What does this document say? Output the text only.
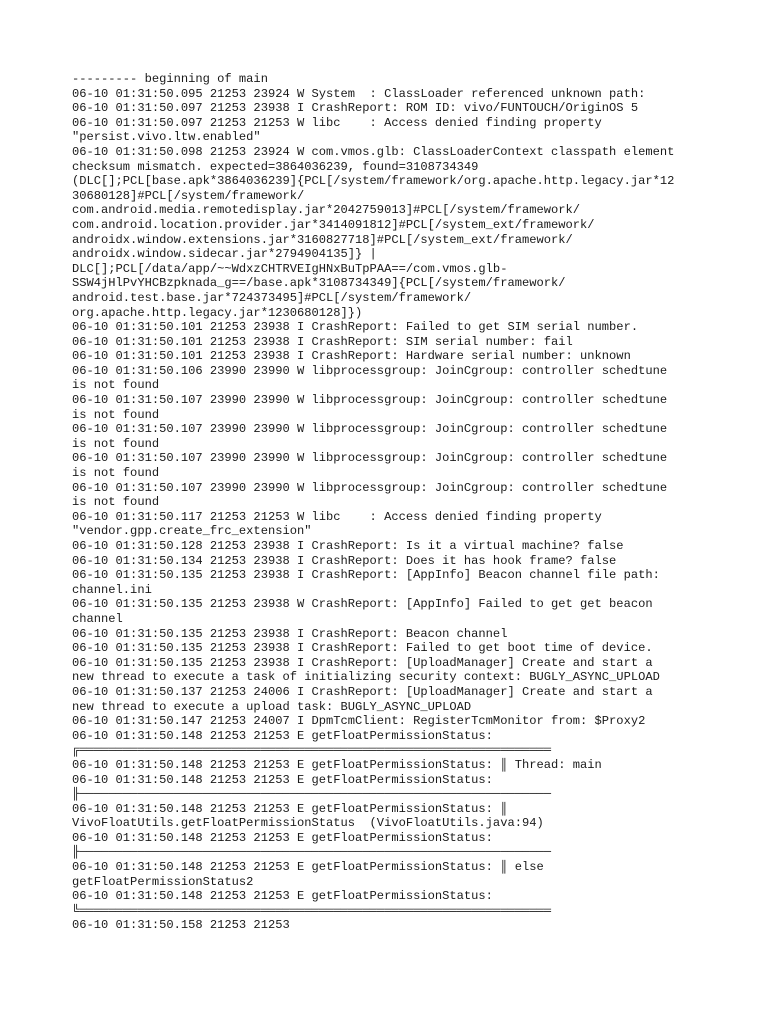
--------- beginning of main
06-10 01:31:50.095 21253 23924 W System  : ClassLoader referenced unknown path:
06-10 01:31:50.097 21253 23938 I CrashReport: ROM ID: vivo/FUNTOUCH/OriginOS 5
06-10 01:31:50.097 21253 21253 W libc    : Access denied finding property
"persist.vivo.ltw.enabled"
06-10 01:31:50.098 21253 23924 W com.vmos.glb: ClassLoaderContext classpath element
checksum mismatch. expected=3864036239, found=3108734349
(DLC[];PCL[base.apk*3864036239]{PCL[/system/framework/org.apache.http.legacy.jar*12
30680128]#PCL[/system/framework/
com.android.media.remotedisplay.jar*2042759013]#PCL[/system/framework/
com.android.location.provider.jar*3414091812]#PCL[/system_ext/framework/
androidx.window.extensions.jar*3160827718]#PCL[/system_ext/framework/
androidx.window.sidecar.jar*2794904135]} |
DLC[];PCL[/data/app/~~WdxzCHTRVEIgHNxBuTpPAA==/com.vmos.glb-
SSW4jHlPvYHCBzpknada_g==/base.apk*3108734349]{PCL[/system/framework/
android.test.base.jar*724373495]#PCL[/system/framework/
org.apache.http.legacy.jar*1230680128]})
06-10 01:31:50.101 21253 23938 I CrashReport: Failed to get SIM serial number.
06-10 01:31:50.101 21253 23938 I CrashReport: SIM serial number: fail
06-10 01:31:50.101 21253 23938 I CrashReport: Hardware serial number: unknown
06-10 01:31:50.106 23990 23990 W libprocessgroup: JoinCgroup: controller schedtune
is not found
06-10 01:31:50.107 23990 23990 W libprocessgroup: JoinCgroup: controller schedtune
is not found
06-10 01:31:50.107 23990 23990 W libprocessgroup: JoinCgroup: controller schedtune
is not found
06-10 01:31:50.107 23990 23990 W libprocessgroup: JoinCgroup: controller schedtune
is not found
06-10 01:31:50.107 23990 23990 W libprocessgroup: JoinCgroup: controller schedtune
is not found
06-10 01:31:50.117 21253 21253 W libc    : Access denied finding property
"vendor.gpp.create_frc_extension"
06-10 01:31:50.128 21253 23938 I CrashReport: Is it a virtual machine? false
06-10 01:31:50.134 21253 23938 I CrashReport: Does it has hook frame? false
06-10 01:31:50.135 21253 23938 I CrashReport: [AppInfo] Beacon channel file path:
channel.ini
06-10 01:31:50.135 21253 23938 W CrashReport: [AppInfo] Failed to get get beacon
channel
06-10 01:31:50.135 21253 23938 I CrashReport: Beacon channel
06-10 01:31:50.135 21253 23938 I CrashReport: Failed to get boot time of device.
06-10 01:31:50.135 21253 23938 I CrashReport: [UploadManager] Create and start a
new thread to execute a task of initializing security context: BUGLY_ASYNC_UPLOAD
06-10 01:31:50.137 21253 24006 I CrashReport: [UploadManager] Create and start a
new thread to execute a upload task: BUGLY_ASYNC_UPLOAD
06-10 01:31:50.147 21253 24007 I DpmTcmClient: RegisterTcmMonitor from: $Proxy2
06-10 01:31:50.148 21253 21253 E getFloatPermissionStatus:
╔═════════════════════════════════════════════════════════════════
06-10 01:31:50.148 21253 21253 E getFloatPermissionStatus: ║ Thread: main
06-10 01:31:50.148 21253 21253 E getFloatPermissionStatus:
╟─────────────────────────────────────────────────────────────────
06-10 01:31:50.148 21253 21253 E getFloatPermissionStatus: ║
VivoFloatUtils.getFloatPermissionStatus  (VivoFloatUtils.java:94)
06-10 01:31:50.148 21253 21253 E getFloatPermissionStatus:
╟─────────────────────────────────────────────────────────────────
06-10 01:31:50.148 21253 21253 E getFloatPermissionStatus: ║ else
getFloatPermissionStatus2
06-10 01:31:50.148 21253 21253 E getFloatPermissionStatus:
╚═════════════════════════════════════════════════════════════════
06-10 01:31:50.158 21253 21253
